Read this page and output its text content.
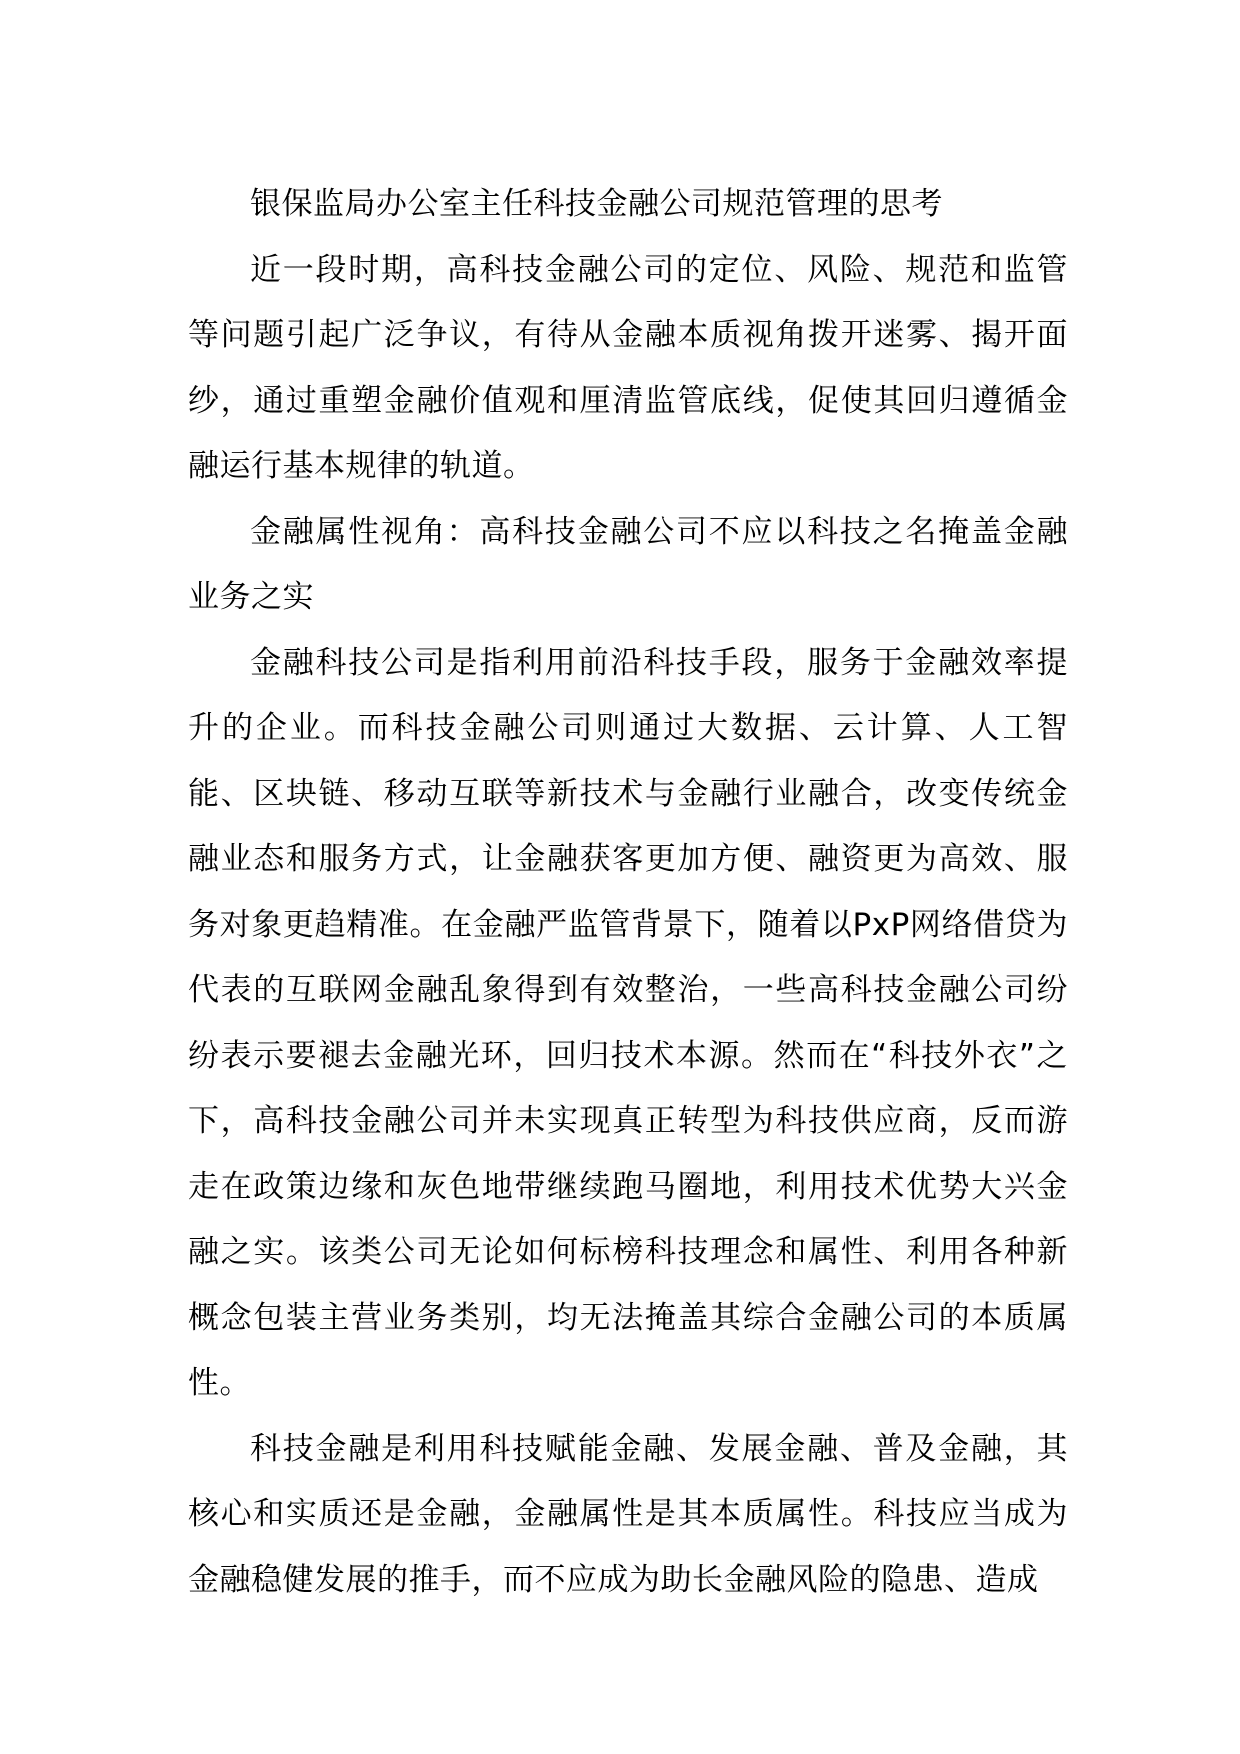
银保监局办公室主任科技金融公司规范管理的思考

近一段时期，高科技金融公司的定位、风险、规范和监管等问题引起广泛争议，有待从金融本质视角拨开迷雾、揭开面纱，通过重塑金融价值观和厘清监管底线，促使其回归遵循金融运行基本规律的轨道。

金融属性视角：高科技金融公司不应以科技之名掩盖金融业务之实

金融科技公司是指利用前沿科技手段，服务于金融效率提升的企业。而科技金融公司则通过大数据、云计算、人工智能、区块链、移动互联等新技术与金融行业融合，改变传统金融业态和服务方式，让金融获客更加方便、融资更为高效、服务对象更趋精准。在金融严监管背景下，随着以PxP网络借贷为代表的互联网金融乱象得到有效整治，一些高科技金融公司纷纷表示要褪去金融光环，回归技术本源。然而在“科技外衣”之下，高科技金融公司并未实现真正转型为科技供应商，反而游走在政策边缘和灰色地带继续跑马圈地，利用技术优势大兴金融之实。该类公司无论如何标榜科技理念和属性、利用各种新概念包装主营业务类别，均无法掩盖其综合金融公司的本质属性。

科技金融是利用科技赋能金融、发展金融、普及金融，其核心和实质还是金融，金融属性是其本质属性。科技应当成为金融稳健发展的推手，而不应成为助长金融风险的隐患、造成
